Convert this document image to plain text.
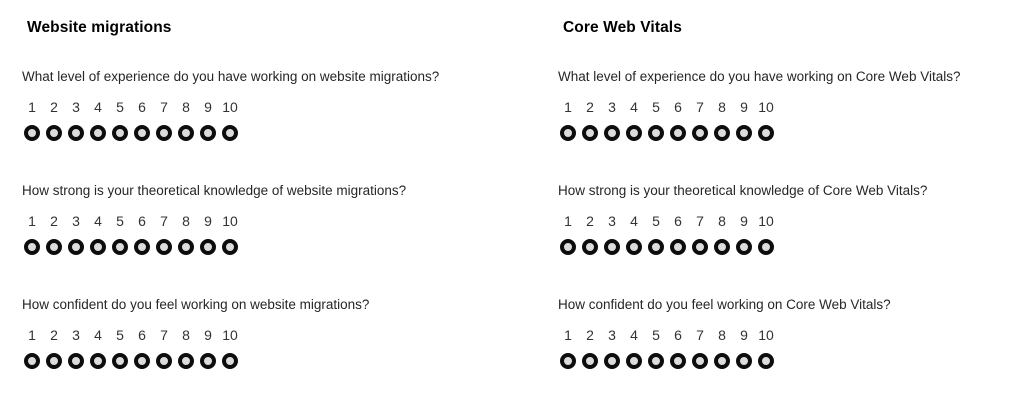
Website migrations

What level of experience do you have working on website migrations?

1 2 3 4 5 6 7 8 9 10

How strong is your theoretical knowledge of website migrations?

1 2 3 4 5 6 7 8 9 10

How confident do you feel working on website migrations?

1 2 3 4 5 6 7 8 9 10
Core Web Vitals

What level of experience do you have working on Core Web Vitals?

1 2 3 4 5 6 7 8 9 10

How strong is your theoretical knowledge of Core Web Vitals?

1 2 3 4 5 6 7 8 9 10

How confident do you feel working on Core Web Vitals?

1 2 3 4 5 6 7 8 9 10
